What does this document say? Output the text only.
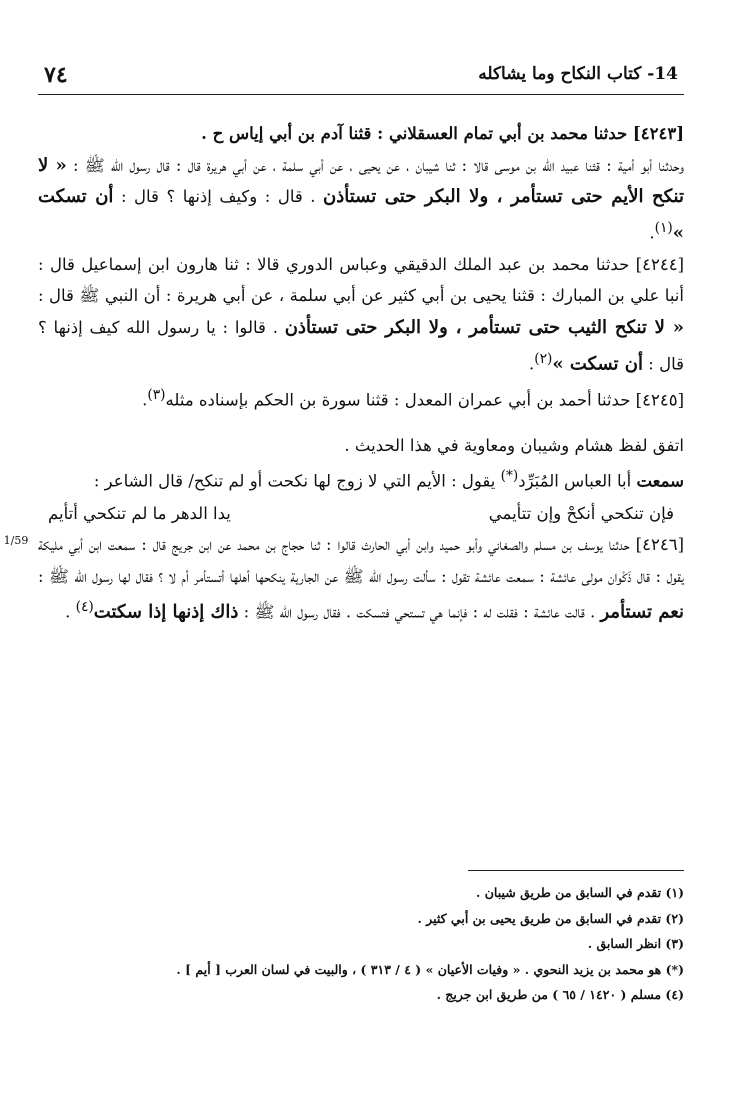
٧٤	14- كتاب النكاح وما يشاكله
1/59

[٤٢٤٣] حدثنا محمد بن أبي تمام العسقلاني : قثنا آدم بن أبي إياس ح .

وحدثنا أبو أمية : قثنا عبيد الله بن موسى قالا : ثنا شيبان ، عن يحيى ، عن أبي سلمة ، عن أبي هريرة قال : قال رسول الله ﷺ : « لا تنكح الأيم حتى تستأمر ، ولا البكر حتى تستأذن . قال : وكيف إذنها ؟ قال : أن تسكت »$^{(١)}$.

[٤٢٤٤] حدثنا محمد بن عبد الملك الدقيقي وعباس الدوري قالا : ثنا هارون ابن إسماعيل قال : أنبا علي بن المبارك : قثنا يحيى بن أبي كثير عن أبي سلمة ، عن أبي هريرة : أن النبي ﷺ قال : « لا تنكح الثيب حتى تستأمر ، ولا البكر حتى تستأذن . قالوا : يا رسول الله كيف إذنها ؟ قال : أن تسكت »$^{(٢)}$.

[٤٢٤٥] حدثنا أحمد بن أبي عمران المعدل : قثنا سورة بن الحكم بإسناده مثله$^{(٣)}$.

اتفق لفظ هشام وشيبان ومعاوية في هذا الحديث .

سمعت أبا العباس المُبَرِّد(*) يقول : الأيم التي لا زوج لها نكحت أو لم تنكح/ قال الشاعر :

فإن تنكحي أنكحْ وإن تتأيمي
يدا الدهر ما لم تنكحي أتأيم

[٤٢٤٦] حدثنا يوسف بن مسلم والصغاني وأبو حميد وابن أبي الحارث قالوا : ثنا حجاج بن محمد عن ابن جريج قال : سمعت ابن أبي مليكة يقول : قال ذَكْوان مولى عائشة : سمعت عائشة تقول : سألت رسول الله ﷺ عن الجارية ينكحها أهلها أتستأمر أم لا ؟ فقال لها رسول الله ﷺ : نعم تستأمر . قالت عائشة : فقلت له : فإنما هي تستحي فتسكت . فقال رسول الله ﷺ : ذاك إذنها إذا سكتت$^{(٤)}$ .

(١) تقدم في السابق من طريق شيبان .

(٢) تقدم في السابق من طريق يحيى بن أبي كثير .

(٣) انظر السابق .

(*) هو محمد بن يزيد النحوي . « وفيات الأعيان » ( ٤ / ٣١٣ ) ، والبيت في لسان العرب [ أيم ] .

(٤) مسلم ( ١٤٢٠ / ٦٥ ) من طريق ابن جريج .
